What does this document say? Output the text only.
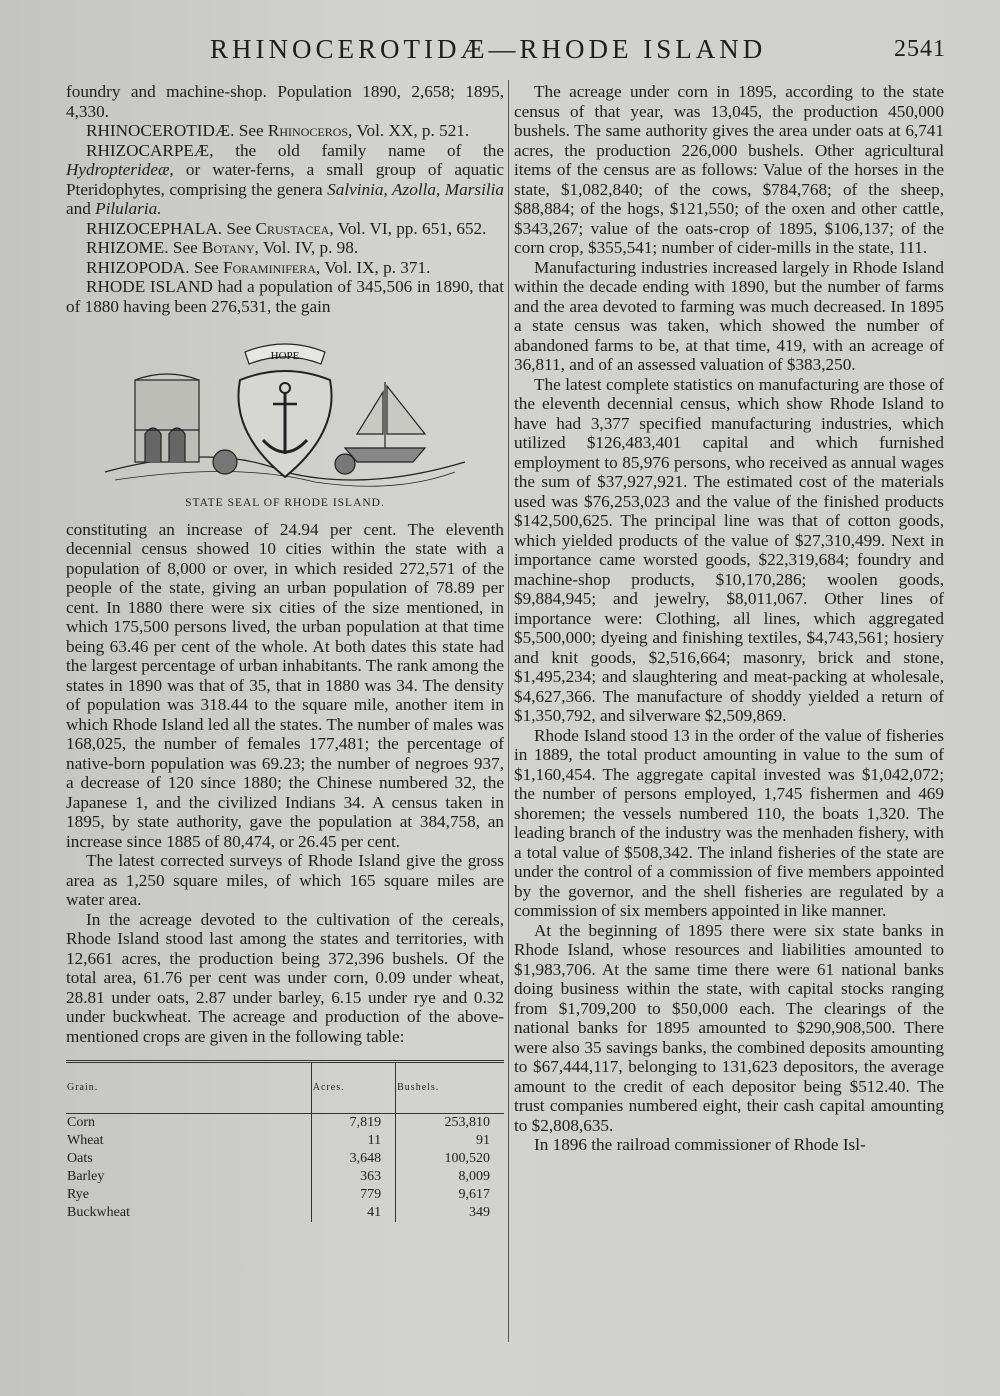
RHINOCEROTIDÆ—RHODE ISLAND	2541

foundry and machine-shop. Population 1890, 2,658; 1895, 4,330.

RHINOCEROTIDÆ. See Rhinoceros, Vol. XX, p. 521.

RHIZOCARPEÆ, the old family name of the Hydropterideæ, or water-ferns, a small group of aquatic Pteridophytes, comprising the genera Salvinia, Azolla, Marsilia and Pilularia.

RHIZOCEPHALA. See Crustacea, Vol. VI, pp. 651, 652.

RHIZOME. See Botany, Vol. IV, p. 98.

RHIZOPODA. See Foraminifera, Vol. IX, p. 371.

RHODE ISLAND had a population of 345,506 in 1890, that of 1880 having been 276,531, the gain

HOPE
STATE SEAL OF RHODE ISLAND.

constituting an increase of 24.94 per cent. The eleventh decennial census showed 10 cities within the state with a population of 8,000 or over, in which resided 272,571 of the people of the state, giving an urban population of 78.89 per cent. In 1880 there were six cities of the size mentioned, in which 175,500 persons lived, the urban population at that time being 63.46 per cent of the whole. At both dates this state had the largest percentage of urban inhabitants. The rank among the states in 1890 was that of 35, that in 1880 was 34. The density of population was 318.44 to the square mile, another item in which Rhode Island led all the states. The number of males was 168,025, the number of females 177,481; the percentage of native-born population was 69.23; the number of negroes 937, a decrease of 120 since 1880; the Chinese numbered 32, the Japanese 1, and the civilized Indians 34. A census taken in 1895, by state authority, gave the population at 384,758, an increase since 1885 of 80,474, or 26.45 per cent.

The latest corrected surveys of Rhode Island give the gross area as 1,250 square miles, of which 165 square miles are water area.

In the acreage devoted to the cultivation of the cereals, Rhode Island stood last among the states and territories, with 12,661 acres, the production being 372,396 bushels. Of the total area, 61.76 per cent was under corn, 0.09 under wheat, 28.81 under oats, 2.87 under barley, 6.15 under rye and 0.32 under buckwheat. The acreage and production of the above-mentioned crops are given in the following table:

Grain.	Acres.	Bushels.
Corn	7,819	253,810
Wheat	11	91
Oats	3,648	100,520
Barley	363	8,009
Rye	779	9,617
Buckwheat	41	349

The acreage under corn in 1895, according to the state census of that year, was 13,045, the production 450,000 bushels. The same authority gives the area under oats at 6,741 acres, the production 226,000 bushels. Other agricultural items of the census are as follows: Value of the horses in the state, $1,082,840; of the cows, $784,768; of the sheep, $88,884; of the hogs, $121,550; of the oxen and other cattle, $343,267; value of the oats-crop of 1895, $106,137; of the corn crop, $355,541; number of cider-mills in the state, 111.

Manufacturing industries increased largely in Rhode Island within the decade ending with 1890, but the number of farms and the area devoted to farming was much decreased. In 1895 a state census was taken, which showed the number of abandoned farms to be, at that time, 419, with an acreage of 36,811, and of an assessed valuation of $383,250.

The latest complete statistics on manufacturing are those of the eleventh decennial census, which show Rhode Island to have had 3,377 specified manufacturing industries, which utilized $126,483,401 capital and which furnished employment to 85,976 persons, who received as annual wages the sum of $37,927,921. The estimated cost of the materials used was $76,253,023 and the value of the finished products $142,500,625. The principal line was that of cotton goods, which yielded products of the value of $27,310,499. Next in importance came worsted goods, $22,319,684; foundry and machine-shop products, $10,170,286; woolen goods, $9,884,945; and jewelry, $8,011,067. Other lines of importance were: Clothing, all lines, which aggregated $5,500,000; dyeing and finishing textiles, $4,743,561; hosiery and knit goods, $2,516,664; masonry, brick and stone, $1,495,234; and slaughtering and meat-packing at wholesale, $4,627,366. The manufacture of shoddy yielded a return of $1,350,792, and silverware $2,509,869.

Rhode Island stood 13 in the order of the value of fisheries in 1889, the total product amounting in value to the sum of $1,160,454. The aggregate capital invested was $1,042,072; the number of persons employed, 1,745 fishermen and 469 shoremen; the vessels numbered 110, the boats 1,320. The leading branch of the industry was the menhaden fishery, with a total value of $508,342. The inland fisheries of the state are under the control of a commission of five members appointed by the governor, and the shell fisheries are regulated by a commission of six members appointed in like manner.

At the beginning of 1895 there were six state banks in Rhode Island, whose resources and liabilities amounted to $1,983,706. At the same time there were 61 national banks doing business within the state, with capital stocks ranging from $1,709,200 to $50,000 each. The clearings of the national banks for 1895 amounted to $290,908,500. There were also 35 savings banks, the combined deposits amounting to $67,444,117, belonging to 131,623 depositors, the average amount to the credit of each depositor being $512.40. The trust companies numbered eight, their cash capital amounting to $2,808,635.

In 1896 the railroad commissioner of Rhode Isl-
